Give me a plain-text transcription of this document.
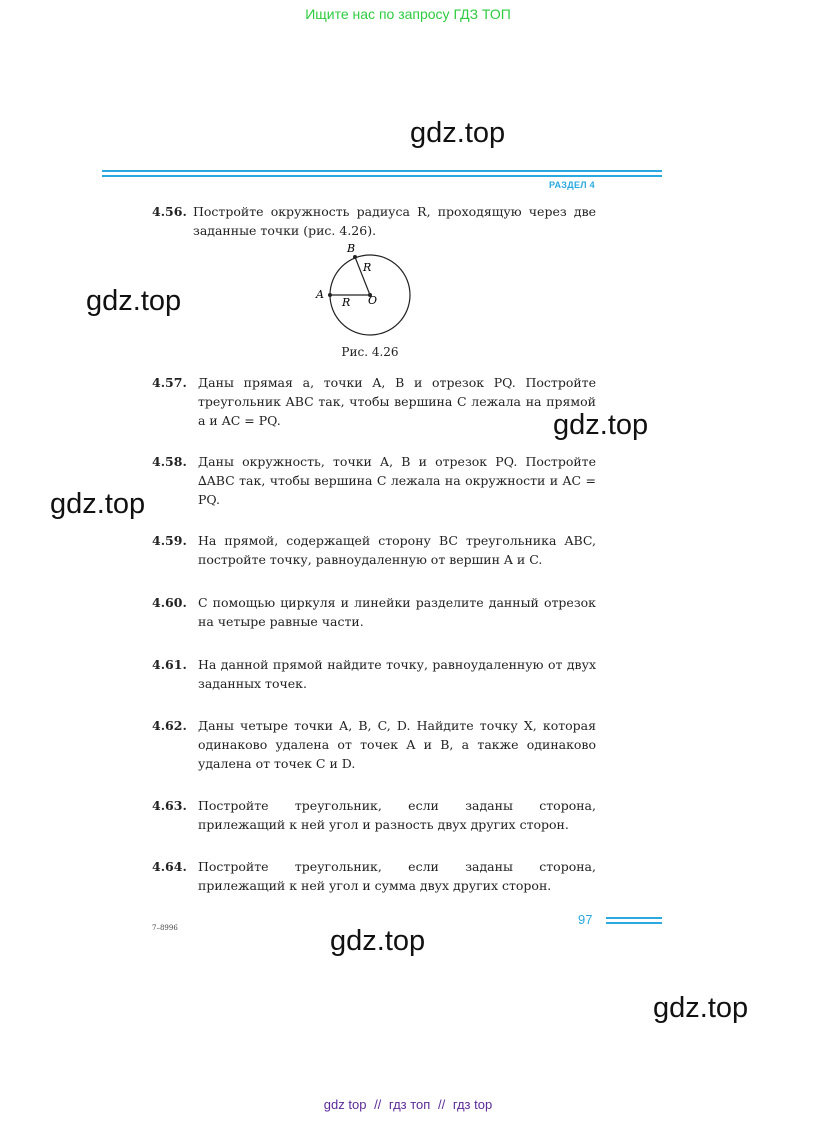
Ищите нас по запросу ГДЗ ТОП
gdz.top
gdz.top
gdz.top
gdz.top
gdz.top
gdz.top
РАЗДЕЛ 4
4.56. Постройте окружность радиуса R, проходящую через две заданные точки (рис. 4.26).
B
A	O
R
R
Рис. 4.26
4.57. Даны прямая a, точки A, B и отрезок PQ. Постройте треугольник ABC так, чтобы вершина C лежала на прямой a и AC = PQ.
4.58. Даны окружность, точки A, B и отрезок PQ. Постройте ∆ABC так, чтобы вершина C лежала на окружности и AC = PQ.
4.59. На прямой, содержащей сторону BC треугольника ABC, постройте точку, равноудаленную от вершин A и C.
4.60. С помощью циркуля и линейки разделите данный отрезок на четыре равные части.
4.61. На данной прямой найдите точку, равноудаленную от двух заданных точек.
4.62. Даны четыре точки A, B, C, D. Найдите точку X, которая одинаково удалена от точек A и B, а также одинаково удалена от точек C и D.
4.63. Постройте треугольник, если заданы сторона, прилежащий к ней угол и разность двух других сторон.
4.64. Постройте треугольник, если заданы сторона, прилежащий к ней угол и сумма двух других сторон.
97
7–8996
gdz top // гдз топ // гдз top
